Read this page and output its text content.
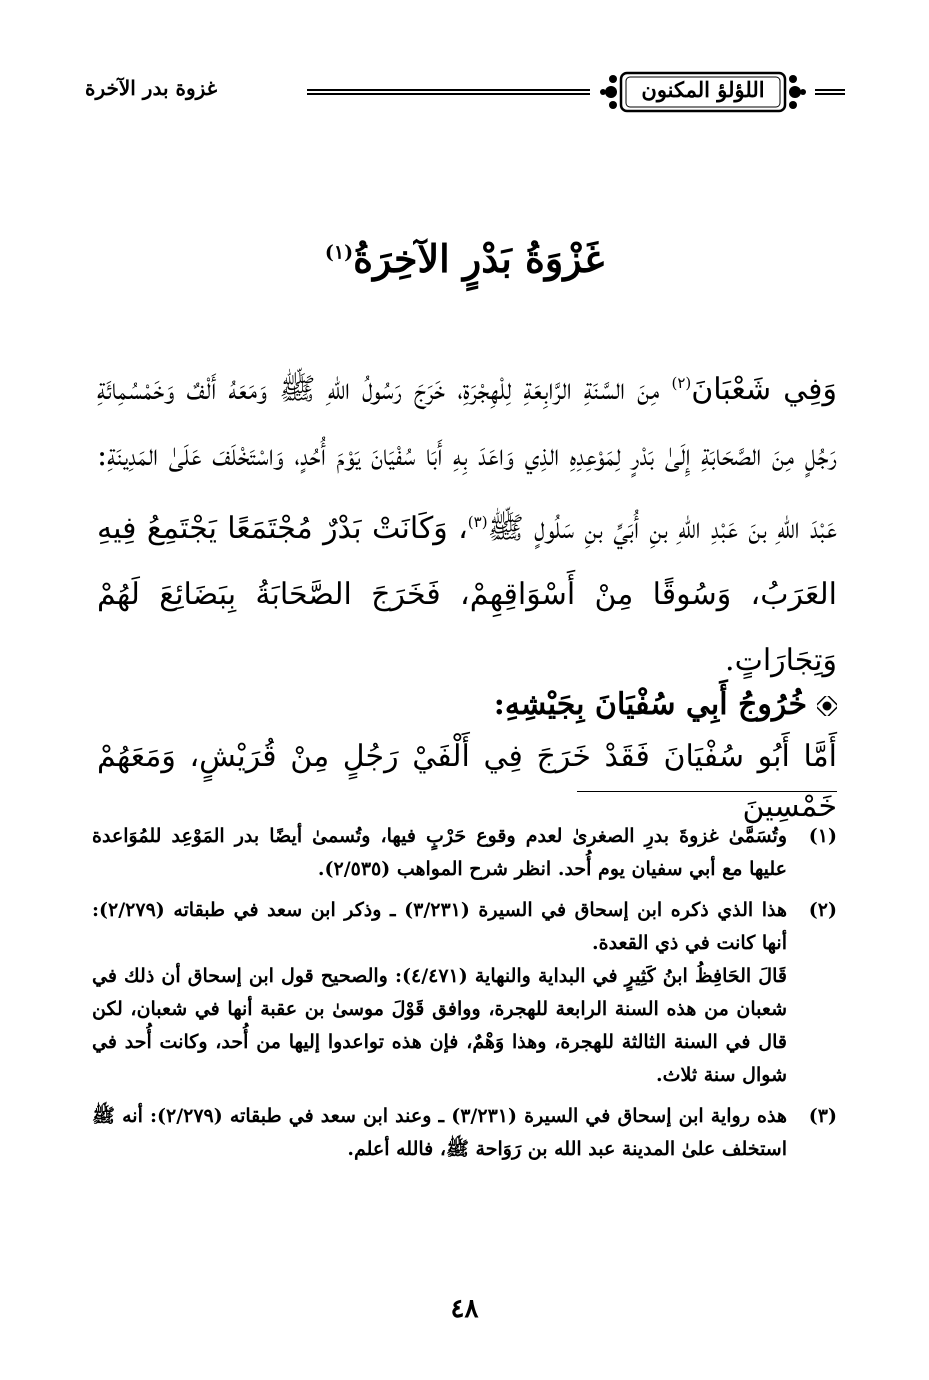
اللؤلؤ المكنون
غزوة بدر الآخرة
غَزْوَةُ بَدْرٍ الآخِرَةُ$^{(١)}$

وَفِي شَعْبَانَ$^{(٢)}$ مِنَ السَّنَةِ الرَّابِعَةِ لِلْهِجْرَةِ، خَرَجَ رَسُولُ اللهِ ﷺ وَمَعَهُ أَلْفٌ وَخَمْسُمِائَةِ رَجُلٍ مِنَ الصَّحَابَةِ إِلَىٰ بَدْرٍ لِمَوْعِدِهِ الذِي وَاعَدَ بِهِ أَبَا سُفْيَانَ يَوْمَ أُحُدٍ، وَاسْتَخْلَفَ عَلَىٰ المَدِينَةِ: عَبْدَ اللهِ بنَ عَبْدِ اللهِ بنِ أُبَيِّ بنِ سَلُولٍ ﷺ$^{(٣)}$، وَكَانَتْ بَدْرٌ مُجْتَمَعًا يَجْتَمِعُ فِيهِ العَرَبُ، وَسُوقًا مِنْ أَسْوَاقِهِمْ، فَخَرَجَ الصَّحَابَةُ بِبَضَائِعَ لَهُمْ وَتِجَارَاتٍ.

خُرُوجُ أَبِي سُفْيَانَ بِجَيْشِهِ:
أَمَّا أَبُو سُفْيَانَ فَقَدْ خَرَجَ فِي أَلْفَيْ رَجُلٍ مِنْ قُرَيْشٍ، وَمَعَهُمْ خَمْسِينَ
(١)

وتُسَمَّىٰ غزوةَ بدرِ الصغرىٰ لعدم وقوع حَرْبٍ فيها، وتُسمىٰ أيضًا بدر المَوْعِد للمُوَاعدة عليها مع أبي سفيان يوم أُحد. انظر شرح المواهب (٢/٥٣٥).

(٢)

هذا الذي ذكره ابن إسحاق في السيرة (٣/٢٣١) ـ وذكر ابن سعد في طبقاته (٢/٢٧٩): أنها كانت في ذي القعدة.

قَالَ الحَافِظُ ابنُ كَثِيرٍ في البداية والنهاية (٤/٤٧١): والصحيح قول ابن إسحاق أن ذلك في شعبان من هذه السنة الرابعة للهجرة، ووافق قَوْلَ موسىٰ بن عقبة أنها في شعبان، لكن قال في السنة الثالثة للهجرة، وهذا وَهْمٌ، فإن هذه تواعدوا إليها من أُحد، وكانت أُحد في شوال سنة ثلاث.

(٣)

هذه رواية ابن إسحاق في السيرة (٣/٢٣١) ـ وعند ابن سعد في طبقاته (٢/٢٧٩): أنه ﷺ استخلف علىٰ المدينة عبد الله بن رَوَاحة ﷺ، فالله أعلم.

٤٨
